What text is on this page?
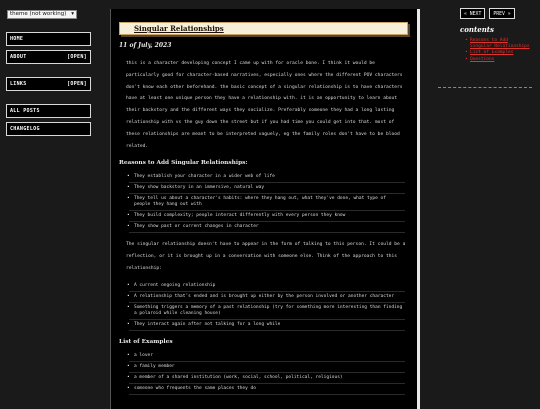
theme (not working) ▾
HOME
ABOUT	[OPEN]
LINKS	[OPEN]
ALL POSTS
CHANGELOG
Singular Relationships
11 of July, 2023
this is a character developing concept I came up with for oracle bone. I think it would be particularly good for character-based narratives, especially ones where the different POV characters don't know each other beforehand. the basic concept of a singular relationship is to have characters have at least one unique person they have a relationship with. it is an opportunity to learn about their backstory and the different ways they socialize. Preferably someone they had a long lasting relationship with vs the guy down the street but if you had time you could get into that. most of these relationships are meant to be interpreted vaguely, eg the family roles don't have to be blood related.
Reasons to Add Singular Relationships:
• They establish your character in a wider web of life
• They show backstory in an immersive, natural way
• They tell us about a character's habits: where they hang out, what they've done, what type of people they hang out with
• They build complexity; people interact differently with every person they know
• They show past or current changes in character
The singular relationship doesn't have to appear in the form of talking to this person. It could be a reflection, or it is brought up in a conversation with someone else. Think of the approach to this relationship:
• A current ongoing relationship
• A relationship that's ended and is brought up either by the person involved or another character
• Something triggers a memory of a past relationship (try for something more interesting than finding a polaroid while cleaning house)
• They interact again after not talking for a long while
List of Examples
• a lover
• a family member
• a member of a shared institution (work, social, school, political, religious)
• someone who frequents the same places they do
« NEXT	PREV »
contents
• Reasons to Add Singular Relationships
• List of Examples
• Questions
